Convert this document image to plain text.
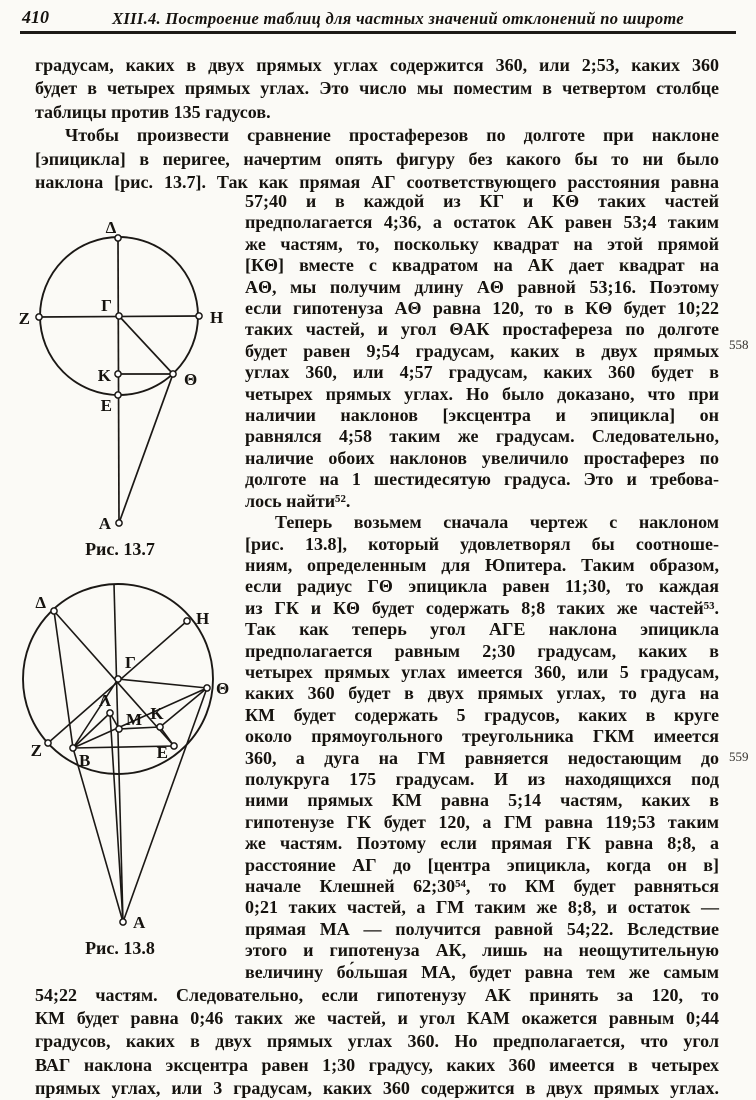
410	XIII.4. Построение таблиц для частных значений отклонений по широте
градусам, каких в двух прямых углах содержится 360, или 2;53, каких 360
будет в четырех прямых углах. Это число мы поместим в четвертом столбце
таблицы против 135 гадусов.
Чтобы произвести сравнение простаферезов по долготе при наклоне
[эпицикла] в перигее, начертим опять фигуру без какого бы то ни было
наклона [рис. 13.7]. Так как прямая АГ соответствующего расстояния равна
Δ
Z
Γ
H
K	Θ
E
A
Рис. 13.7
Δ
H
Γ
Θ
Λ
M K
Z
B	E
A
Рис. 13.8
57;40 и в каждой из КГ и КΘ таких частей
предполагается 4;36, а остаток АК равен 53;4 таким
же частям, то, поскольку квадрат на этой прямой
[КΘ] вместе с квадратом на АК дает квадрат на
АΘ, мы получим длину АΘ равной 53;16. Поэтому
если гипотенуза АΘ равна 120, то в КΘ будет 10;22
таких частей, и угол ΘАК простафереза по долготе
будет равен 9;54 градусам, каких в двух прямых
углах 360, или 4;57 градусам, каких 360 будет в
четырех прямых углах. Но было доказано, что при
наличии наклонов [эксцентра и эпицикла] он
равнялся 4;58 таким же градусам. Следовательно,
наличие обоих наклонов увеличило простаферез по
долготе на 1 шестидесятую градуса. Это и требова-
лось найти⁵².
Теперь возьмем сначала чертеж с наклоном
[рис. 13.8], который удовлетворял бы соотноше-
ниям, определенным для Юпитера. Таким образом,
если радиус ГΘ эпицикла равен 11;30, то каждая
из ГК и КΘ будет содержать 8;8 таких же частей⁵³.
Так как теперь угол АГЕ наклона эпицикла
предполагается равным 2;30 градусам, каких в
четырех прямых углах имеется 360, или 5 градусам,
каких 360 будет в двух прямых углах, то дуга на
КМ будет содержать 5 градусов, каких в круге
около прямоугольного треугольника ГКМ имеется
360, а дуга на ГМ равняется недостающим до
полукруга 175 градусам. И из находящихся под
ними прямых КМ равна 5;14 частям, каких в
гипотенузе ГК будет 120, а ГМ равна 119;53 таким
же частям. Поэтому если прямая ГК равна 8;8, а
расстояние АГ до [центра эпицикла, когда он в]
начале Клешней 62;30⁵⁴, то КМ будет равняться
0;21 таких частей, а ГМ таким же 8;8, и остаток —
прямая МА — получится равной 54;22. Вследствие
этого и гипотенуза АК, лишь на неощутительную
величину бо́льшая МА, будет равна тем же самым
54;22 частям. Следовательно, если гипотенузу АК принять за 120, то
КМ будет равна 0;46 таких же частей, и угол КАМ окажется равным 0;44
градусов, каких в двух прямых углах 360. Но предполагается, что угол
ВАГ наклона эксцентра равен 1;30 градусу, каких 360 имеется в четырех
прямых углах, или 3 градусам, каких 360 содержится в двух прямых углах.
558
559
